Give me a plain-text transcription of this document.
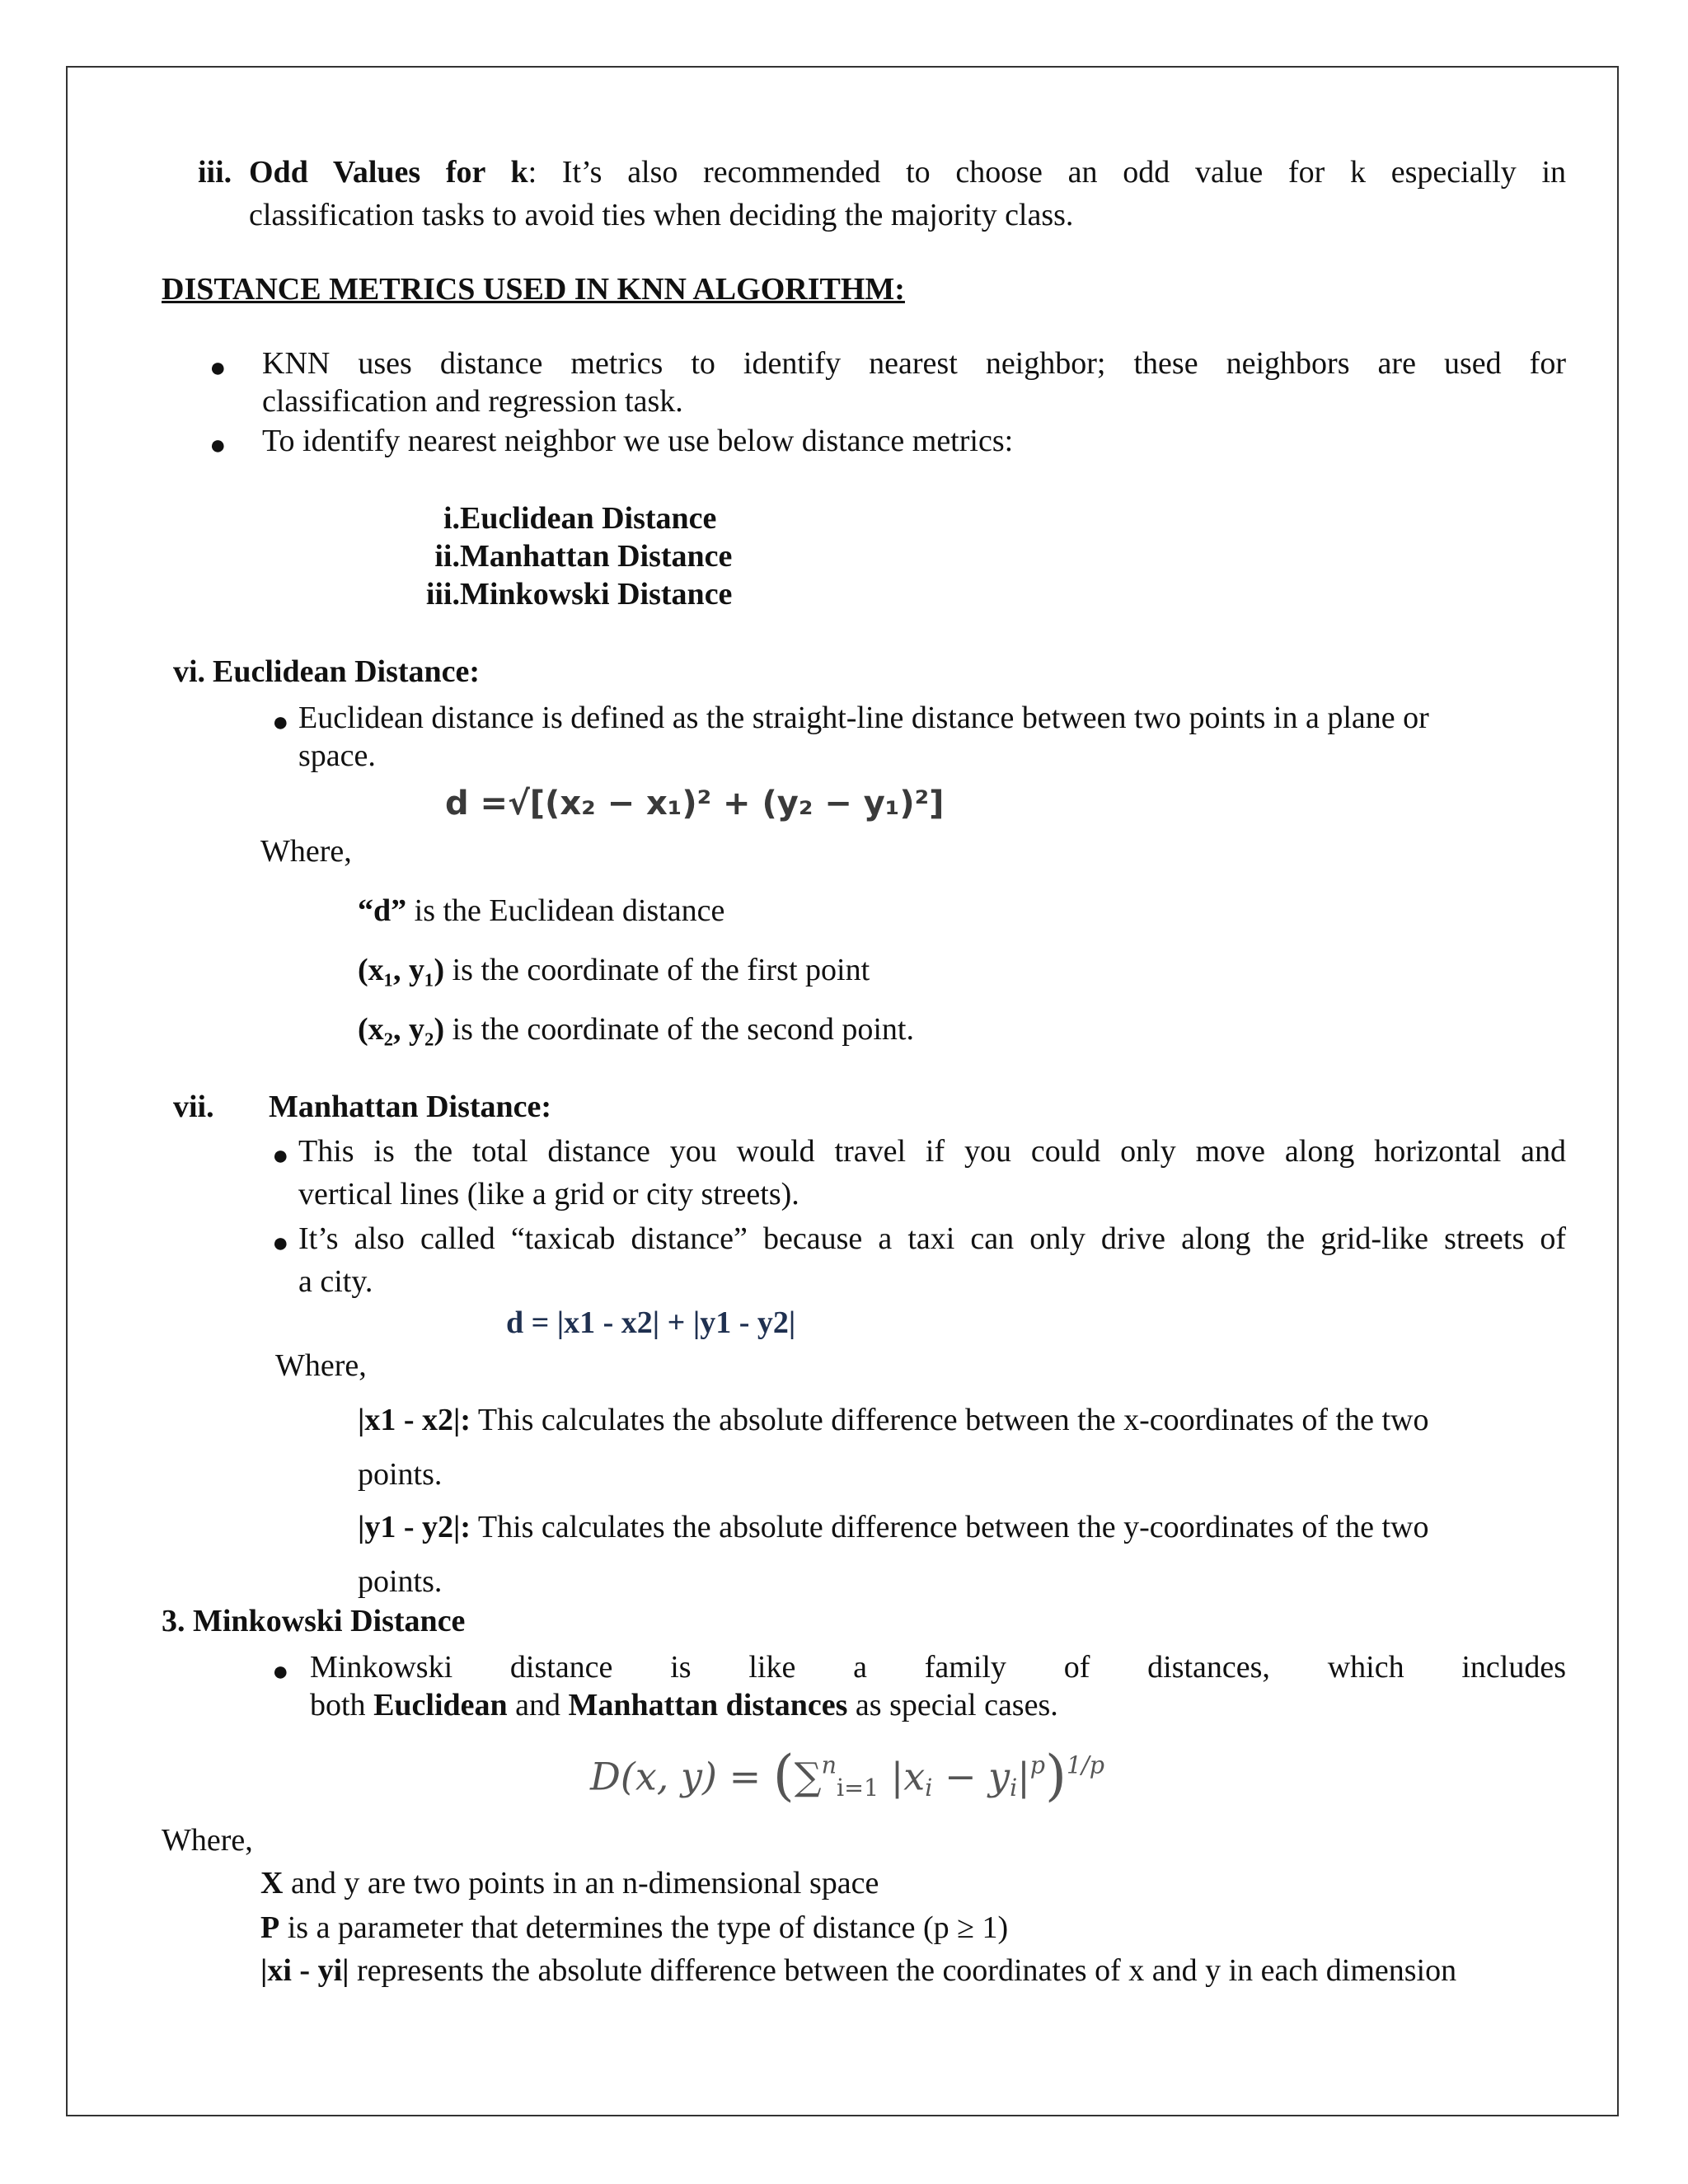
iii. Odd Values for k: It’s also recommended to choose an odd value for k especially in
classification tasks to avoid ties when deciding the majority class.
DISTANCE METRICS USED IN KNN ALGORITHM:
● KNN uses distance metrics to identify nearest neighbor; these neighbors are used for
classification and regression task.
● To identify nearest neighbor we use below distance metrics:
i. Euclidean Distance
ii. Manhattan Distance
iii. Minkowski Distance
vi. Euclidean Distance:
● Euclidean distance is defined as the straight-line distance between two points in a plane or
space.
d =√[(x₂ − x₁)² + (y₂ − y₁)²]
Where,
“d” is the Euclidean distance
(x₁, y₁) is the coordinate of the first point
(x₂, y₂) is the coordinate of the second point.
vii. Manhattan Distance:
● This is the total distance you would travel if you could only move along horizontal and
vertical lines (like a grid or city streets).
● It’s also called “taxicab distance” because a taxi can only drive along the grid-like streets of
a city.
d = |x1 - x2| + |y1 - y2|
Where,
|x1 - x2|: This calculates the absolute difference between the x-coordinates of the two
points.
|y1 - y2|: This calculates the absolute difference between the y-coordinates of the two
points.
3. Minkowski Distance
● Minkowski distance is like a family of distances, which includes
both Euclidean and Manhattan distances as special cases.
D(x, y) = (∑$^n_{i=1}$ $|x_i - y_i|^p)^{1/p}$
Where,
X and y are two points in an n-dimensional space
P is a parameter that determines the type of distance (p ≥ 1)
|xi - yi| represents the absolute difference between the coordinates of x and y in each dimension
